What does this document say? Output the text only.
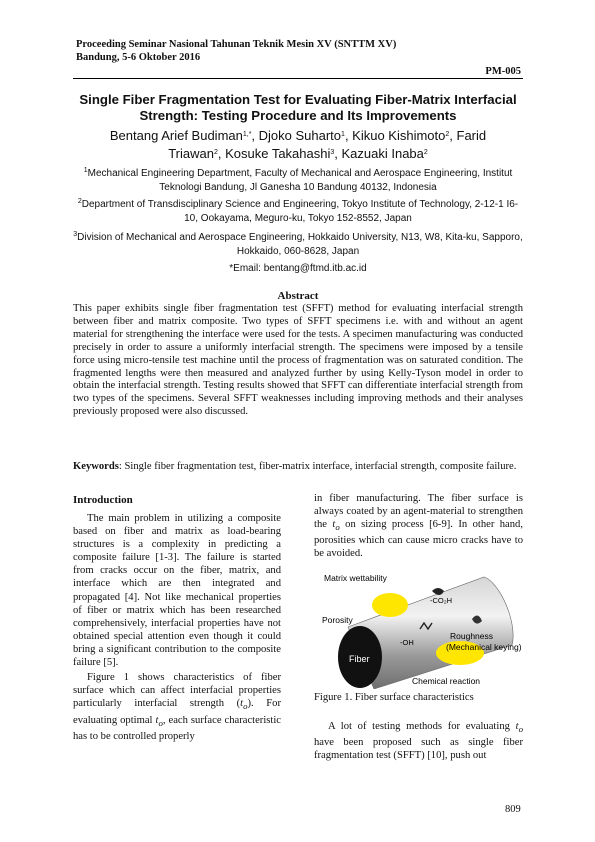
Proceeding Seminar Nasional Tahunan Teknik Mesin XV (SNTTM XV)
Bandung, 5-6 Oktober 2016
PM-005
Single Fiber Fragmentation Test for Evaluating Fiber-Matrix Interfacial Strength: Testing Procedure and Its Improvements
Bentang Arief Budiman$^{1,*}$, Djoko Suharto$^1$, Kikuo Kishimoto$^2$, Farid
Triawan$^2$, Kosuke Takahashi$^3$, Kazuaki Inaba$^2$
$^1$Mechanical Engineering Department, Faculty of Mechanical and Aerospace Engineering, Institut Teknologi Bandung, Jl Ganesha 10 Bandung 40132, Indonesia
$^2$Department of Transdisciplinary Science and Engineering, Tokyo Institute of Technology, 2-12-1 I6-10, Ookayama, Meguro-ku, Tokyo 152-8552, Japan
$^3$Division of Mechanical and Aerospace Engineering, Hokkaido University, N13, W8, Kita-ku, Sapporo, Hokkaido, 060-8628, Japan
*Email: bentang@ftmd.itb.ac.id
Abstract
This paper exhibits single fiber fragmentation test (SFFT) method for evaluating interfacial strength between fiber and matrix composite. Two types of SFFT specimens i.e. with and without an agent material for strengthening the interface were used for the tests. A specimen manufacturing was conducted precisely in order to assure a uniformly interfacial strength. The specimens were imposed by a tensile force using micro-tensile test machine until the process of fragmentation was on saturated condition. The fragmented lengths were then measured and analyzed further by using Kelly-Tyson model in order to obtain the interfacial strength. Testing results showed that SFFT can differentiate interfacial strength from two types of the specimens. Several SFFT weaknesses including improving methods and their analyses previously proposed were also discussed.
Keywords: Single fiber fragmentation test, fiber-matrix interface, interfacial strength, composite failure.
Introduction

The main problem in utilizing a composite based on fiber and matrix as load-bearing structures is a complexity in predicting a composite failure [1-3]. The failure is started from cracks occur on the fiber, matrix, and interface which are then integrated and propagated [4]. Not like mechanical properties of fiber or matrix which has been researched comprehensively, interfacial properties have not obtained special attention even though it could bring a significant contribution to the composite failure [5].

Figure 1 shows characteristics of fiber surface which can affect interfacial properties particularly interfacial strength $(t_o)$. For evaluating optimal $t_o$, each surface characteristic has to be controlled properly

in fiber manufacturing. The fiber surface is always coated by an agent-material to strengthen the $t_o$ on sizing process [6-9]. In other hand, porosities which can cause micro cracks have to be avoided.

Fiber
Matrix wettability
Porosity
-CO₂H
-OH
Roughness
(Mechanical keying)
Chemical reaction
Figure 1. Fiber surface characteristics

A lot of testing methods for evaluating $t_o$ have been proposed such as single fiber fragmentation test (SFFT) [10], push out

809
